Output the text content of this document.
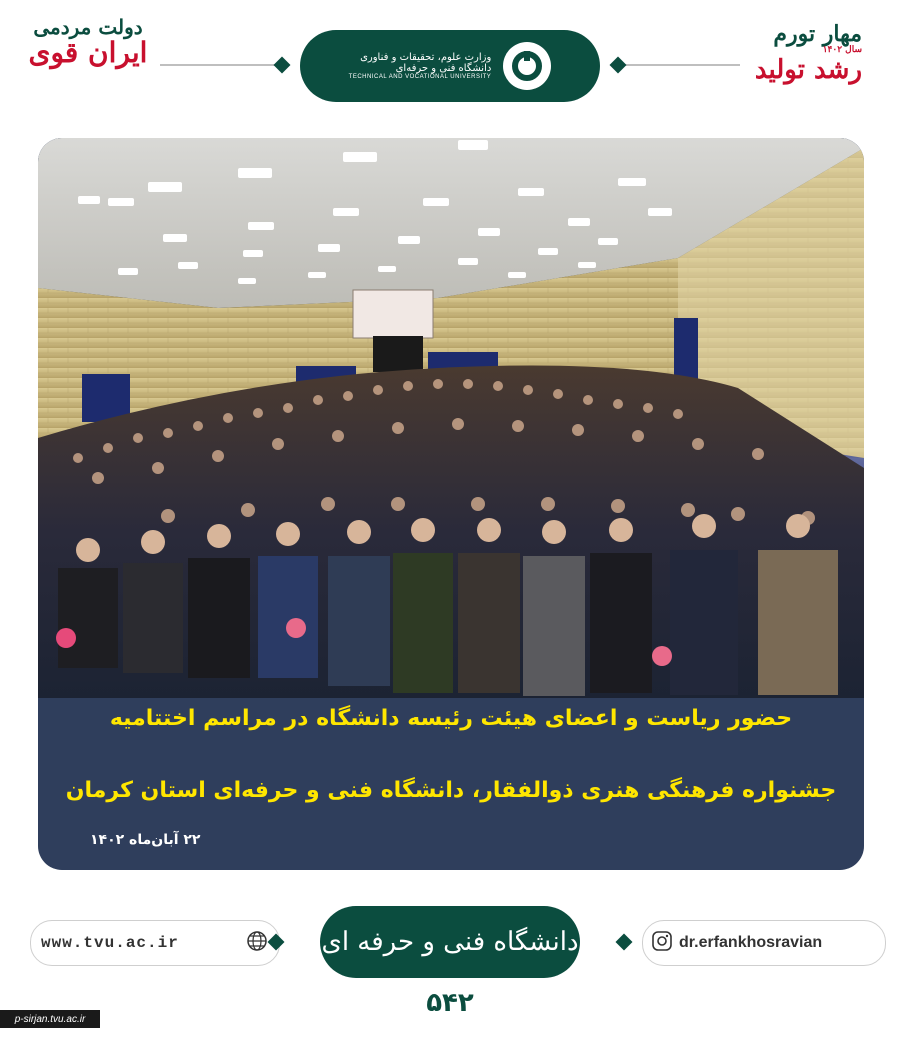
وزارت علوم، تحقیقات و فناوری
دانشگاه فنی و حرفه‌ای
TECHNICAL AND VOCATIONAL UNIVERSITY
مهار تورم
سال ۱۴۰۲
رشد تولید
دولت مردمی
ایران قوی
حضور ریاست و اعضای هیئت رئیسه دانشگاه در مراسم اختتامیه
جشنواره فرهنگی هنری ذوالفقار، دانشگاه فنی و حرفه‌ای استان کرمان
۲۲ آبان‌ماه ۱۴۰۲
www.tvu.ac.ir	دانشگاه فنی و حرفه ای	dr.erfankhosravian
۵۴۲
p-sirjan.tvu.ac.ir
